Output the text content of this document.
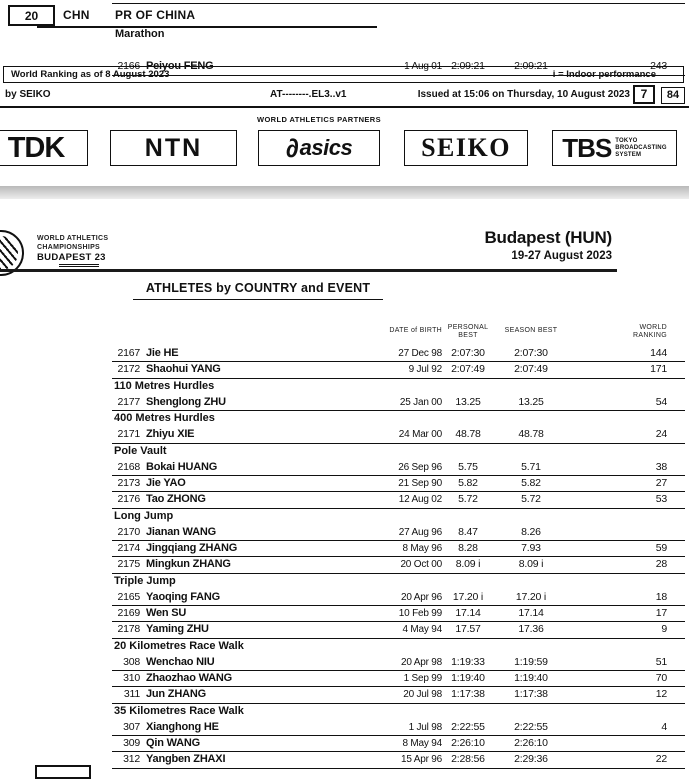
20	CHN PR OF CHINA
Marathon
2166 Peiyou FENG	1 Aug 01 2:09:21	2:09:21	243
World Ranking as of 8 August 2023	i = Indoor performance
by SEIKO	AT--------.EL3..v1	Issued at 15:06 on Thursday, 10 August 2023 7	84
WORLD ATHLETICS PARTNERS
TDK	NTN	∂ asics	SEIKO TBS TOKYO
BROADCASTING
SYSTEM
WORLD ATHLETICS
CHAMPIONSHIPS
BUDAPEST 23
Budapest (HUN)
19-27 August 2023
ATHLETES by COUNTRY and EVENT
DATE of BIRTH PERSONAL
BEST
SEASON BEST	WORLD
RANKING
2167 Jie HE	27 Dec 98 2:07:30	2:07:30	144
2172 Shaohui YANG	9 Jul 92 2:07:49	2:07:49	171
110 Metres Hurdles
2177 Shenglong ZHU	25 Jan 00	13.25	13.25	54
400 Metres Hurdles
2171 Zhiyu XIE	24 Mar 00	48.78	48.78	24
Pole Vault
2168 Bokai HUANG	26 Sep 96	5.75	5.71	38
2173 Jie YAO	21 Sep 90	5.82	5.82	27
2176 Tao ZHONG	12 Aug 02	5.72	5.72	53
Long Jump
2170 Jianan WANG	27 Aug 96	8.47	8.26
2174 Jingqiang ZHANG	8 May 96	8.28	7.93	59
2175 Mingkun ZHANG	20 Oct 00	8.09 i	8.09 i	28
Triple Jump
2165 Yaoqing FANG	20 Apr 96	17.20 i	17.20 i	18
2169 Wen SU	10 Feb 99	17.14	17.14	17
2178 Yaming ZHU	4 May 94	17.57	17.36	9
20 Kilometres Race Walk
308 Wenchao NIU	20 Apr 98 1:19:33	1:19:59	51
310 Zhaozhao WANG	1 Sep 99 1:19:40	1:19:40	70
311 Jun ZHANG	20 Jul 98 1:17:38	1:17:38	12
35 Kilometres Race Walk
307 Xianghong HE	1 Jul 98 2:22:55	2:22:55	4
309 Qin WANG	8 May 94 2:26:10	2:26:10
312 Yangben ZHAXI	15 Apr 96 2:28:56	2:29:36	22
